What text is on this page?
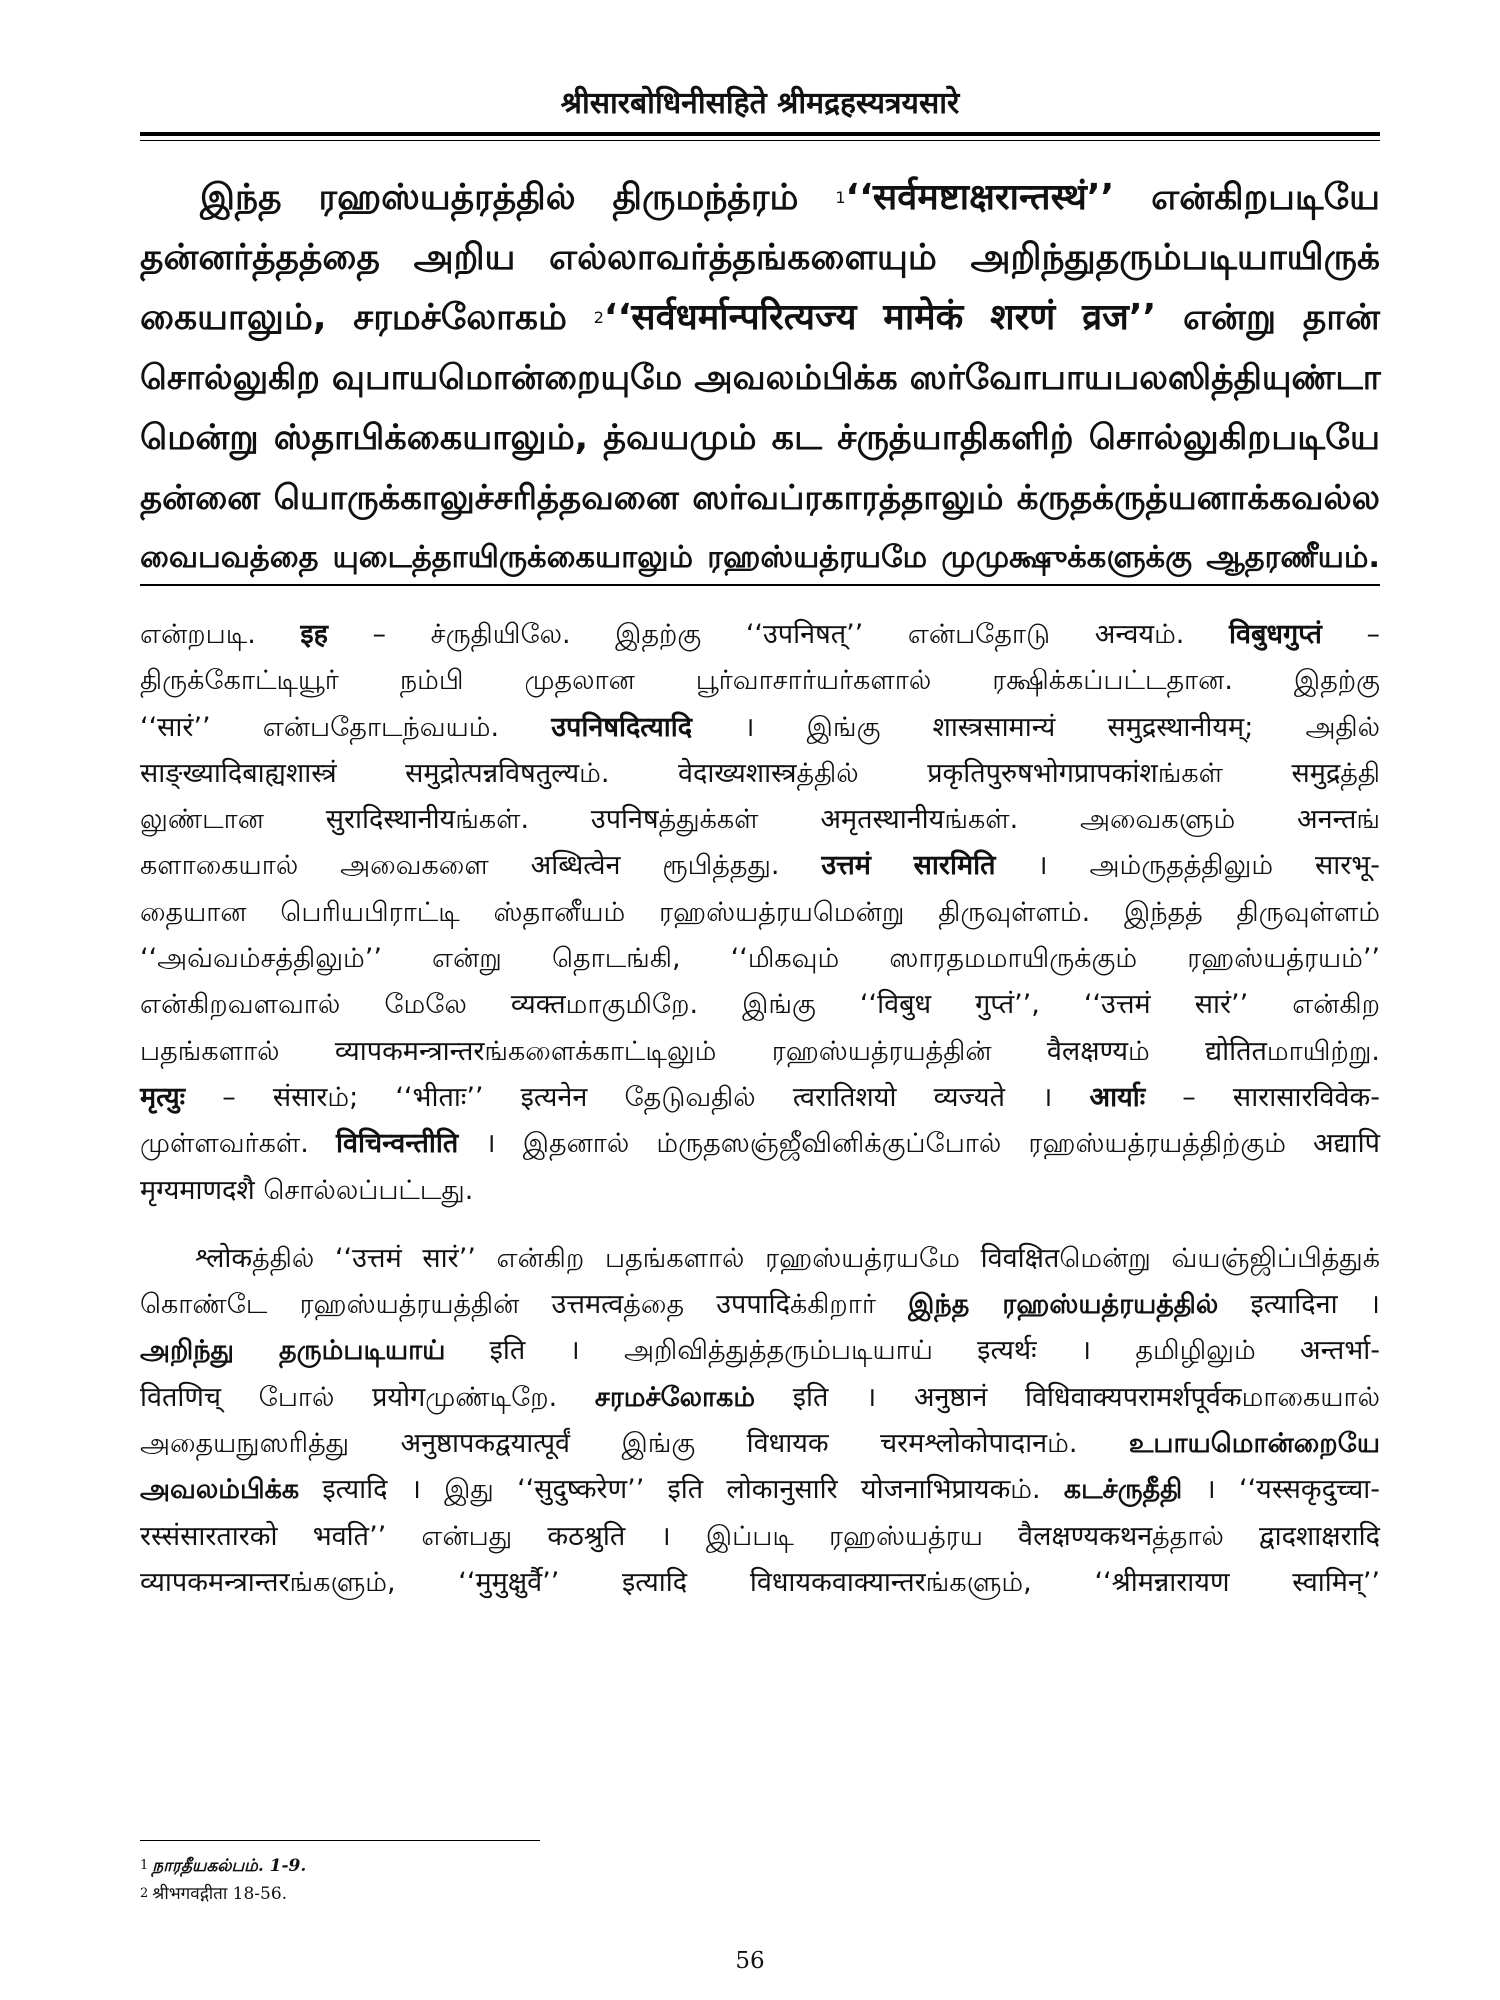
श्रीसारबोधिनीसहिते श्रीमद्रहस्यत्रयसारे
இந்த ரஹஸ்யத்ரத்தில் திருமந்த்ரம் $^1$‘‘सर्वमष्टाक्षरान्तस्थं’’ என்கிறபடியே
தன்னர்த்தத்தை அறிய எல்லாவர்த்தங்களையும் அறிந்துதரும்படியாயிருக்
கையாலும், சரமச்லோகம் $^2$‘‘सर्वधर्मान्परित्यज्य मामेकं शरणं व्रज’’ என்று தான்
சொல்லுகிற வுபாயமொன்றையுமே அவலம்பிக்க ஸர்வோபாயபலஸித்தியுண்டா
மென்று ஸ்தாபிக்கையாலும், த்வயமும் கட ச்ருத்யாதிகளிற் சொல்லுகிறபடியே
தன்னை யொருக்காலுச்சரித்தவனை ஸர்வப்ரகாரத்தாலும் க்ருதக்ருத்யனாக்கவல்ல
வைபவத்தை யுடைத்தாயிருக்கையாலும் ரஹஸ்யத்ரயமே முமுக்ஷுக்களுக்கு ஆதரணீயம்.
என்றபடி. इह – ச்ருதியிலே. இதற்கு ‘‘उपनिषत्’’ என்பதோடு अन्वयம். विबुधगुप्तं –
திருக்கோட்டியூர் நம்பி முதலான பூர்வாசார்யர்களால் ரக்ஷிக்கப்பட்டதான. இதற்கு
‘‘सारं’’ என்பதோடந்வயம். उपनिषदित्यादि । இங்கு शास्त्रसामान्यं समुद्रस्थानीयम्; அதில்
साङ्ख्यादिबाह्यशास्त्रं समुद्रोत्पन्नविषतुल्यம். वेदाख्यशास्त्रத்தில் प्रकृतिपुरुषभोगप्रापकांशங்கள் समुद्रத்தி
லுண்டான सुरादिस्थानीयங்கள். उपनिषத்துக்கள் अमृतस्थानीयங்கள். அவைகளும் अनन्तங்
களாகையால் அவைகளை अब्धित्वेन ரூபித்தது. उत्तमं सारमिति । அம்ருதத்திலும் सारभू-
தையான பெரியபிராட்டி ஸ்தானீயம் ரஹஸ்யத்ரயமென்று திருவுள்ளம். இந்தத் திருவுள்ளம்
‘‘அவ்வம்சத்திலும்’’ என்று தொடங்கி, ‘‘மிகவும் ஸாரதமமாயிருக்கும் ரஹஸ்யத்ரயம்’’
என்கிறவளவால் மேலே व्यक्तமாகுமிறே. இங்கு ‘‘विबुध गुप्तं’’, ‘‘उत्तमं सारं’’ என்கிற
பதங்களால் व्यापकमन्त्रान्तरங்களைக்காட்டிலும் ரஹஸ்யத்ரயத்தின் वैलक्षण्यம் द्योतितமாயிற்று.
मृत्युः – संसारம்; ‘‘भीताः’’ इत्यनेन தேடுவதில் त्वरातिशयो व्यज्यते । आर्याः – सारासारविवेक-
முள்ளவர்கள். विचिन्वन्तीति । இதனால் ம்ருதஸஞ்ஜீவினிக்குப்போல் ரஹஸ்யத்ரயத்திற்கும் अद्यापि
मृग्यमाणदशै சொல்லப்பட்டது.
श्लोकத்தில் ‘‘उत्तमं सारं’’ என்கிற பதங்களால் ரஹஸ்யத்ரயமே विवक्षितமென்று வ்யஞ்ஜிப்பித்துக்
கொண்டே ரஹஸ்யத்ரயத்தின் उत्तमत्वத்தை उपपादिக்கிறார் இந்த ரஹஸ்யத்ரயத்தில் इत्यादिना ।
அறிந்து தரும்படியாய் इति । அறிவித்துத்தரும்படியாய் इत्यर्थः । தமிழிலும் अन्तर्भा-
वितणिच् போல் प्रयोगமுண்டிறே. சரமச்லோகம் इति । अनुष्ठानं विधिवाक्यपरामर्शपूर्वकமாகையால்
அதையநுஸரித்து अनुष्ठापकद्वयात्पूर्वं இங்கு विधायक चरमश्लोकोपादानம். உபாயமொன்றையே
அவலம்பிக்க इत्यादि । இது ‘‘सुदुष्करेण’’ इति लोकानुसारि योजनाभिप्रायकம். கடச்ருதீதி । ‘‘यस्सकृदुच्चा-
रस्संसारतारको भवति’’ என்பது कठश्रुति । இப்படி ரஹஸ்யத்ரய वैलक्षण्यकथनத்தால் द्वादशाक्षरादि
व्यापकमन्त्रान्तरங்களும், ‘‘मुमुक्षुर्वै’’ इत्यादि विधायकवाक्यान्तरங்களும், ‘‘श्रीमन्नारायण स्वामिन्’’
$^1$ நாரதீயகல்பம். 1-9.
$^2$ श्रीभगवद्गीता 18-56.
56
